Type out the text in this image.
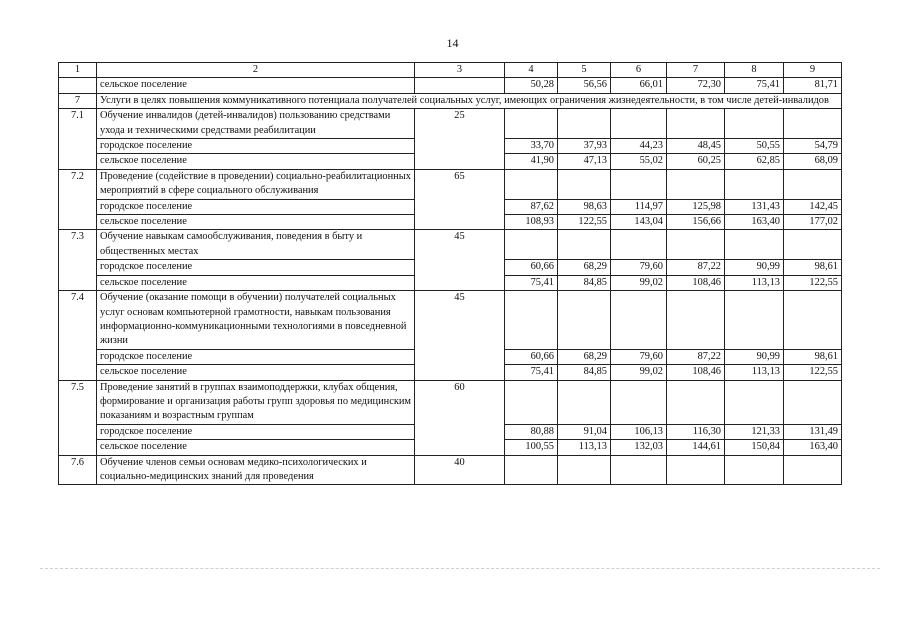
14
1	2	3	4	5	6	7	8	9
	сельское поселение		50,28	56,56	66,01	72,30	75,41	81,71
7	Услуги в целях повышения коммуникативного потенциала получателей социальных услуг, имеющих ограничения жизнедеятельности, в том числе детей-инвалидов							
7.1	Обучение инвалидов (детей-инвалидов) пользованию средствами ухода и техническими средствами реабилитации	25						
	городское поселение		33,70	37,93	44,23	48,45	50,55	54,79
	сельское поселение		41,90	47,13	55,02	60,25	62,85	68,09
7.2	Проведение (содействие в проведении) социально-реабилитационных мероприятий в сфере социального обслуживания	65						
	городское поселение		87,62	98,63	114,97	125,98	131,43	142,45
	сельское поселение		108,93	122,55	143,04	156,66	163,40	177,02
7.3	Обучение навыкам самообслуживания, поведения в быту и общественных местах	45						
	городское поселение		60,66	68,29	79,60	87,22	90,99	98,61
	сельское поселение		75,41	84,85	99,02	108,46	113,13	122,55
7.4	Обучение (оказание помощи в обучении) получателей социальных услуг основам компьютерной грамотности, навыкам пользования информационно-коммуникационными технологиями в повседневной жизни	45						
	городское поселение		60,66	68,29	79,60	87,22	90,99	98,61
	сельское поселение		75,41	84,85	99,02	108,46	113,13	122,55
7.5	Проведение занятий в группах взаимоподдержки, клубах общения, формирование и организация работы групп здоровья по медицинским показаниям и возрастным группам	60						
	городское поселение		80,88	91,04	106,13	116,30	121,33	131,49
	сельское поселение		100,55	113,13	132,03	144,61	150,84	163,40
7.6	Обучение членов семьи основам медико-психологических и социально-медицинских знаний для проведения	40						
